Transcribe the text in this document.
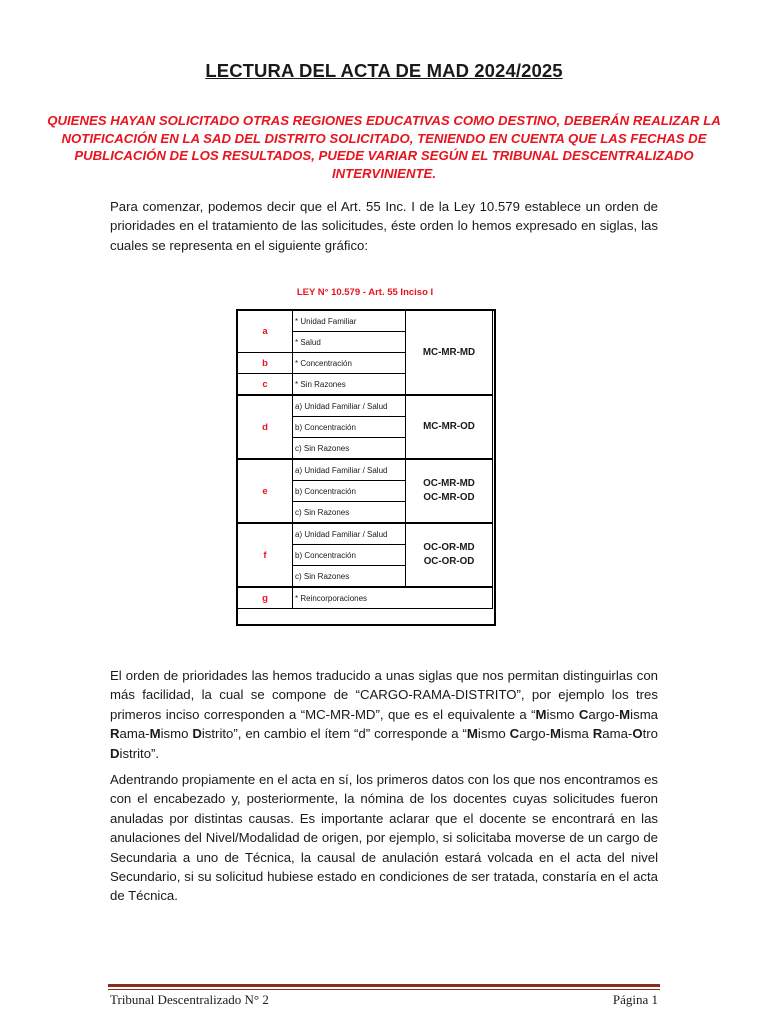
LECTURA DEL ACTA DE MAD 2024/2025
QUIENES HAYAN SOLICITADO OTRAS REGIONES EDUCATIVAS COMO DESTINO, DEBERÁN REALIZAR LA NOTIFICACIÓN EN LA SAD DEL DISTRITO SOLICITADO, TENIENDO EN CUENTA QUE LAS FECHAS DE PUBLICACIÓN DE LOS RESULTADOS, PUEDE VARIAR SEGÚN EL TRIBUNAL DESCENTRALIZADO INTERVINIENTE.
Para comenzar, podemos decir que el Art. 55 Inc. I de la Ley 10.579 establece un orden de prioridades en el tratamiento de las solicitudes, éste orden lo hemos expresado en siglas, las cuales se representa en el siguiente gráfico:
LEY N° 10.579 - Art. 55 Inciso I
a	* Unidad Familiar	MC-MR-MD
	* Salud	
b	* Concentración	
c	* Sin Razones	
d	a) Unidad Familiar / Salud	MC-MR-OD
	b) Concentración	
	c) Sin Razones	
e	a) Unidad Familiar / Salud	OC-MR-MD
OC-MR-OD

	b) Concentración	
	c) Sin Razones	
f	a) Unidad Familiar / Salud	OC-OR-MD
OC-OR-OD

	b) Concentración	
	c) Sin Razones	
g	* Reincorporaciones	
El orden de prioridades las hemos traducido a unas siglas que nos permitan distinguirlas con más facilidad, la cual se compone de “CARGO-RAMA-DISTRITO”, por ejemplo los tres primeros inciso corresponden a “MC-MR-MD”, que es el equivalente a “Mismo Cargo-Misma Rama-Mismo Distrito”, en cambio el ítem “d” corresponde a “Mismo Cargo-Misma Rama-Otro Distrito”.
Adentrando propiamente en el acta en sí, los primeros datos con los que nos encontramos es con el encabezado y, posteriormente, la nómina de los docentes cuyas solicitudes fueron anuladas por distintas causas. Es importante aclarar que el docente se encontrará en las anulaciones del Nivel/Modalidad de origen, por ejemplo, si solicitaba moverse de un cargo de Secundaria a uno de Técnica, la causal de anulación estará volcada en el acta del nivel Secundario, si su solicitud hubiese estado en condiciones de ser tratada, constaría en el acta de Técnica.
Tribunal Descentralizado N° 2	Página 1
